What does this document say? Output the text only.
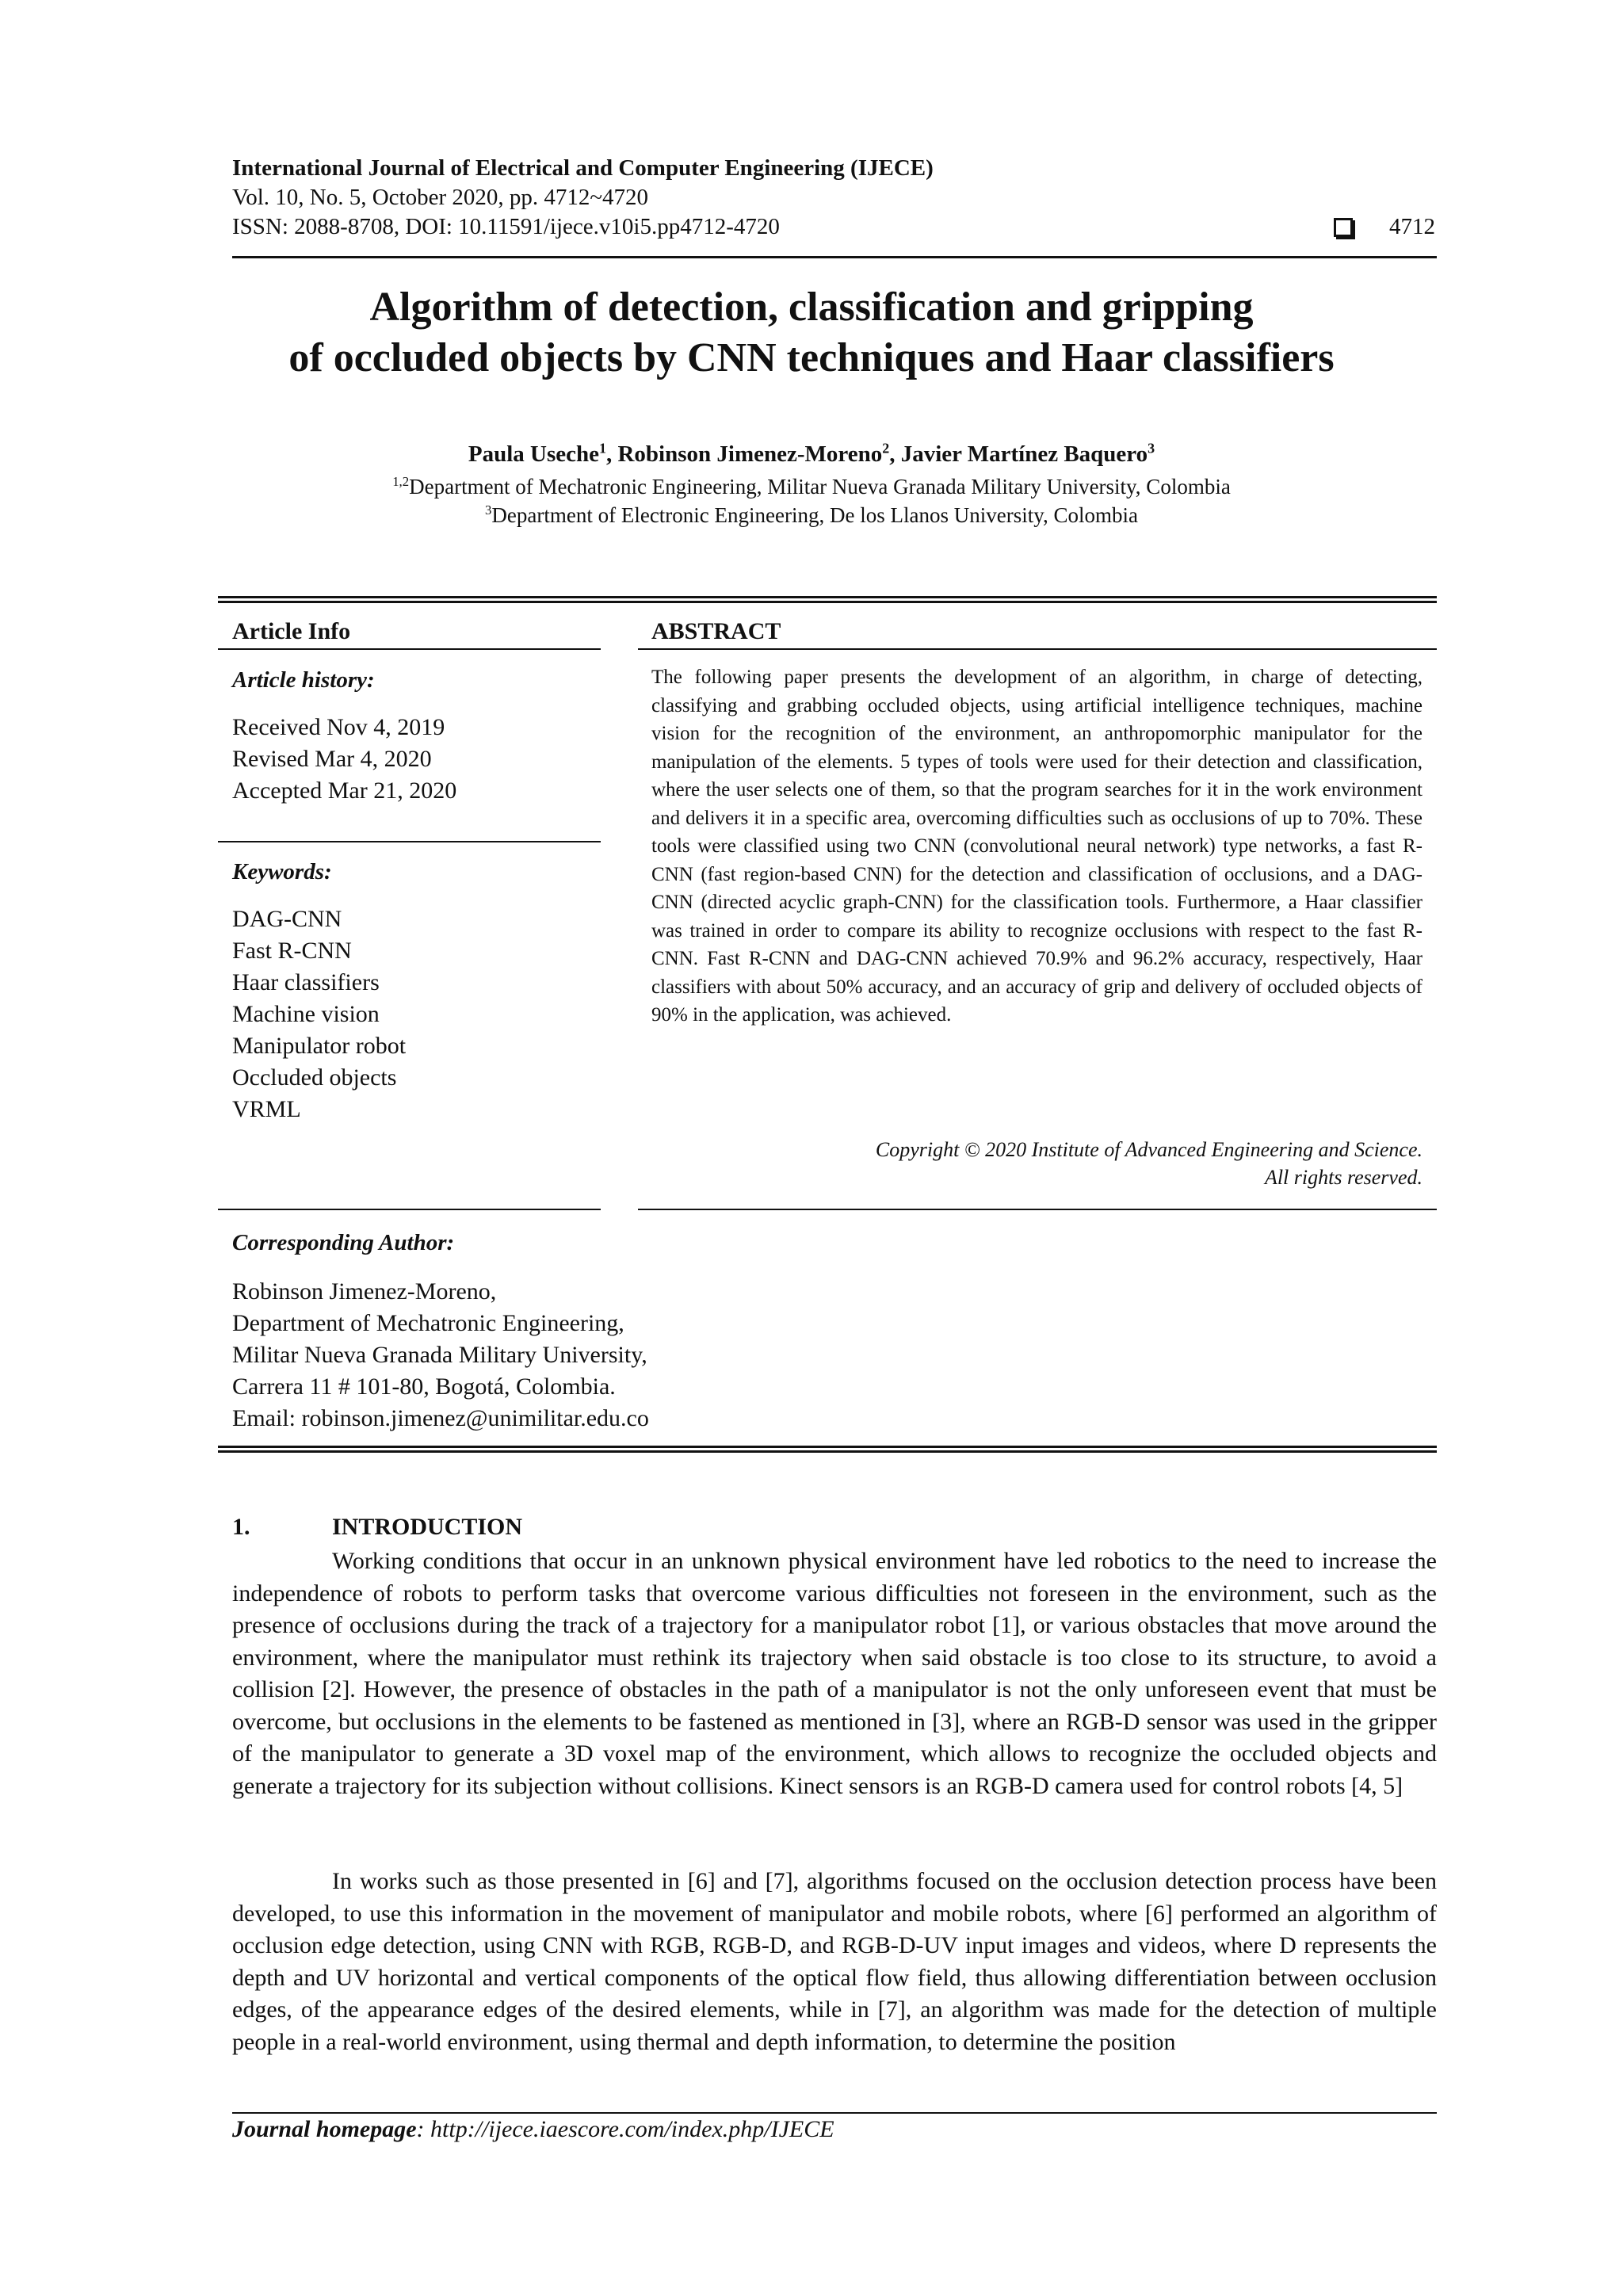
International Journal of Electrical and Computer Engineering (IJECE)
Vol. 10, No. 5, October 2020, pp. 4712~4720
ISSN: 2088-8708, DOI: 10.11591/ijece.v10i5.pp4712-4720	4712
Algorithm of detection, classification and gripping
of occluded objects by CNN techniques and Haar classifiers
Paula Useche$^1$, Robinson Jimenez-Moreno$^2$, Javier Martínez Baquero$^3$
$^{1,2}$Department of Mechatronic Engineering, Militar Nueva Granada Military University, Colombia
$^3$Department of Electronic Engineering, De los Llanos University, Colombia
Article Info
Article history:
Received Nov 4, 2019
Revised Mar 4, 2020
Accepted Mar 21, 2020
Keywords:
DAG-CNN
Fast R-CNN
Haar classifiers
Machine vision
Manipulator robot
Occluded objects
VRML
ABSTRACT
The following paper presents the development of an algorithm, in charge of detecting, classifying and grabbing occluded objects, using artificial intelligence techniques, machine vision for the recognition of the environment, an anthropomorphic manipulator for the manipulation of the elements. 5 types of tools were used for their detection and classification, where the user selects one of them, so that the program searches for it in the work environment and delivers it in a specific area, overcoming difficulties such as occlusions of up to 70%. These tools were classified using two CNN (convolutional neural network) type networks, a fast R-CNN (fast region-based CNN) for the detection and classification of occlusions, and a DAG-CNN (directed acyclic graph-CNN) for the classification tools. Furthermore, a Haar classifier was trained in order to compare its ability to recognize occlusions with respect to the fast R-CNN. Fast R-CNN and DAG-CNN achieved 70.9% and 96.2% accuracy, respectively, Haar classifiers with about 50% accuracy, and an accuracy of grip and delivery of occluded objects of 90% in the application, was achieved.
Copyright © 2020 Institute of Advanced Engineering and Science.
All rights reserved.
Corresponding Author:
Robinson Jimenez-Moreno,
Department of Mechatronic Engineering,
Militar Nueva Granada Military University,
Carrera 11 # 101-80, Bogotá, Colombia.
Email: robinson.jimenez@unimilitar.edu.co
1.	INTRODUCTION
Working conditions that occur in an unknown physical environment have led robotics to the need to increase the independence of robots to perform tasks that overcome various difficulties not foreseen in the environment, such as the presence of occlusions during the track of a trajectory for a manipulator robot [1], or various obstacles that move around the environment, where the manipulator must rethink its trajectory when said obstacle is too close to its structure, to avoid a collision [2]. However, the presence of obstacles in the path of a manipulator is not the only unforeseen event that must be overcome, but occlusions in the elements to be fastened as mentioned in [3], where an RGB-D sensor was used in the gripper of the manipulator to generate a 3D voxel map of the environment, which allows to recognize the occluded objects and generate a trajectory for its subjection without collisions. Kinect sensors is an RGB-D camera used for control robots [4, 5]
In works such as those presented in [6] and [7], algorithms focused on the occlusion detection process have been developed, to use this information in the movement of manipulator and mobile robots, where [6] performed an algorithm of occlusion edge detection, using CNN with RGB, RGB-D, and RGB-D-UV input images and videos, where D represents the depth and UV horizontal and vertical components of the optical flow field, thus allowing differentiation between occlusion edges, of the appearance edges of the desired elements, while in [7], an algorithm was made for the detection of multiple people in a real-world environment, using thermal and depth information, to determine the position
Journal homepage: http://ijece.iaescore.com/index.php/IJECE
